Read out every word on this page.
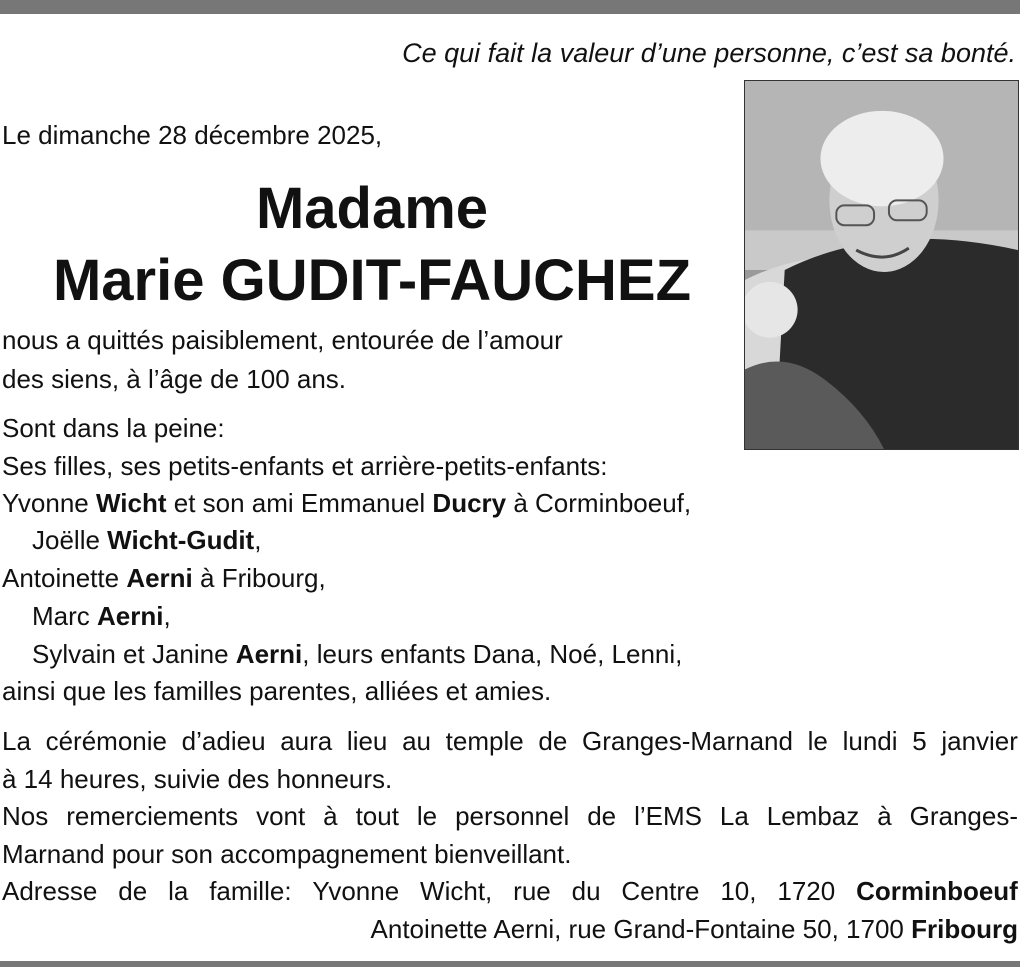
Ce qui fait la valeur d’une personne, c’est sa bonté.
Le dimanche 28 décembre 2025,
Madame
Marie GUDIT-FAUCHEZ
nous a quittés paisiblement, entourée de l’amour
des siens, à l’âge de 100 ans.
Sont dans la peine:
Ses filles, ses petits-enfants et arrière-petits-enfants:
Yvonne Wicht et son ami Emmanuel Ducry à Corminboeuf,
Joëlle Wicht-Gudit,
Antoinette Aerni à Fribourg,
Marc Aerni,
Sylvain et Janine Aerni, leurs enfants Dana, Noé, Lenni,
ainsi que les familles parentes, alliées et amies.
La cérémonie d’adieu aura lieu au temple de Granges-Marnand le lundi 5 janvier
à 14 heures, suivie des honneurs.
Nos remerciements vont à tout le personnel de l’EMS La Lembaz à Granges-
Marnand pour son accompagnement bienveillant.
Adresse de la famille: Yvonne Wicht, rue du Centre 10, 1720 Corminboeuf
Antoinette Aerni, rue Grand-Fontaine 50, 1700 Fribourg
